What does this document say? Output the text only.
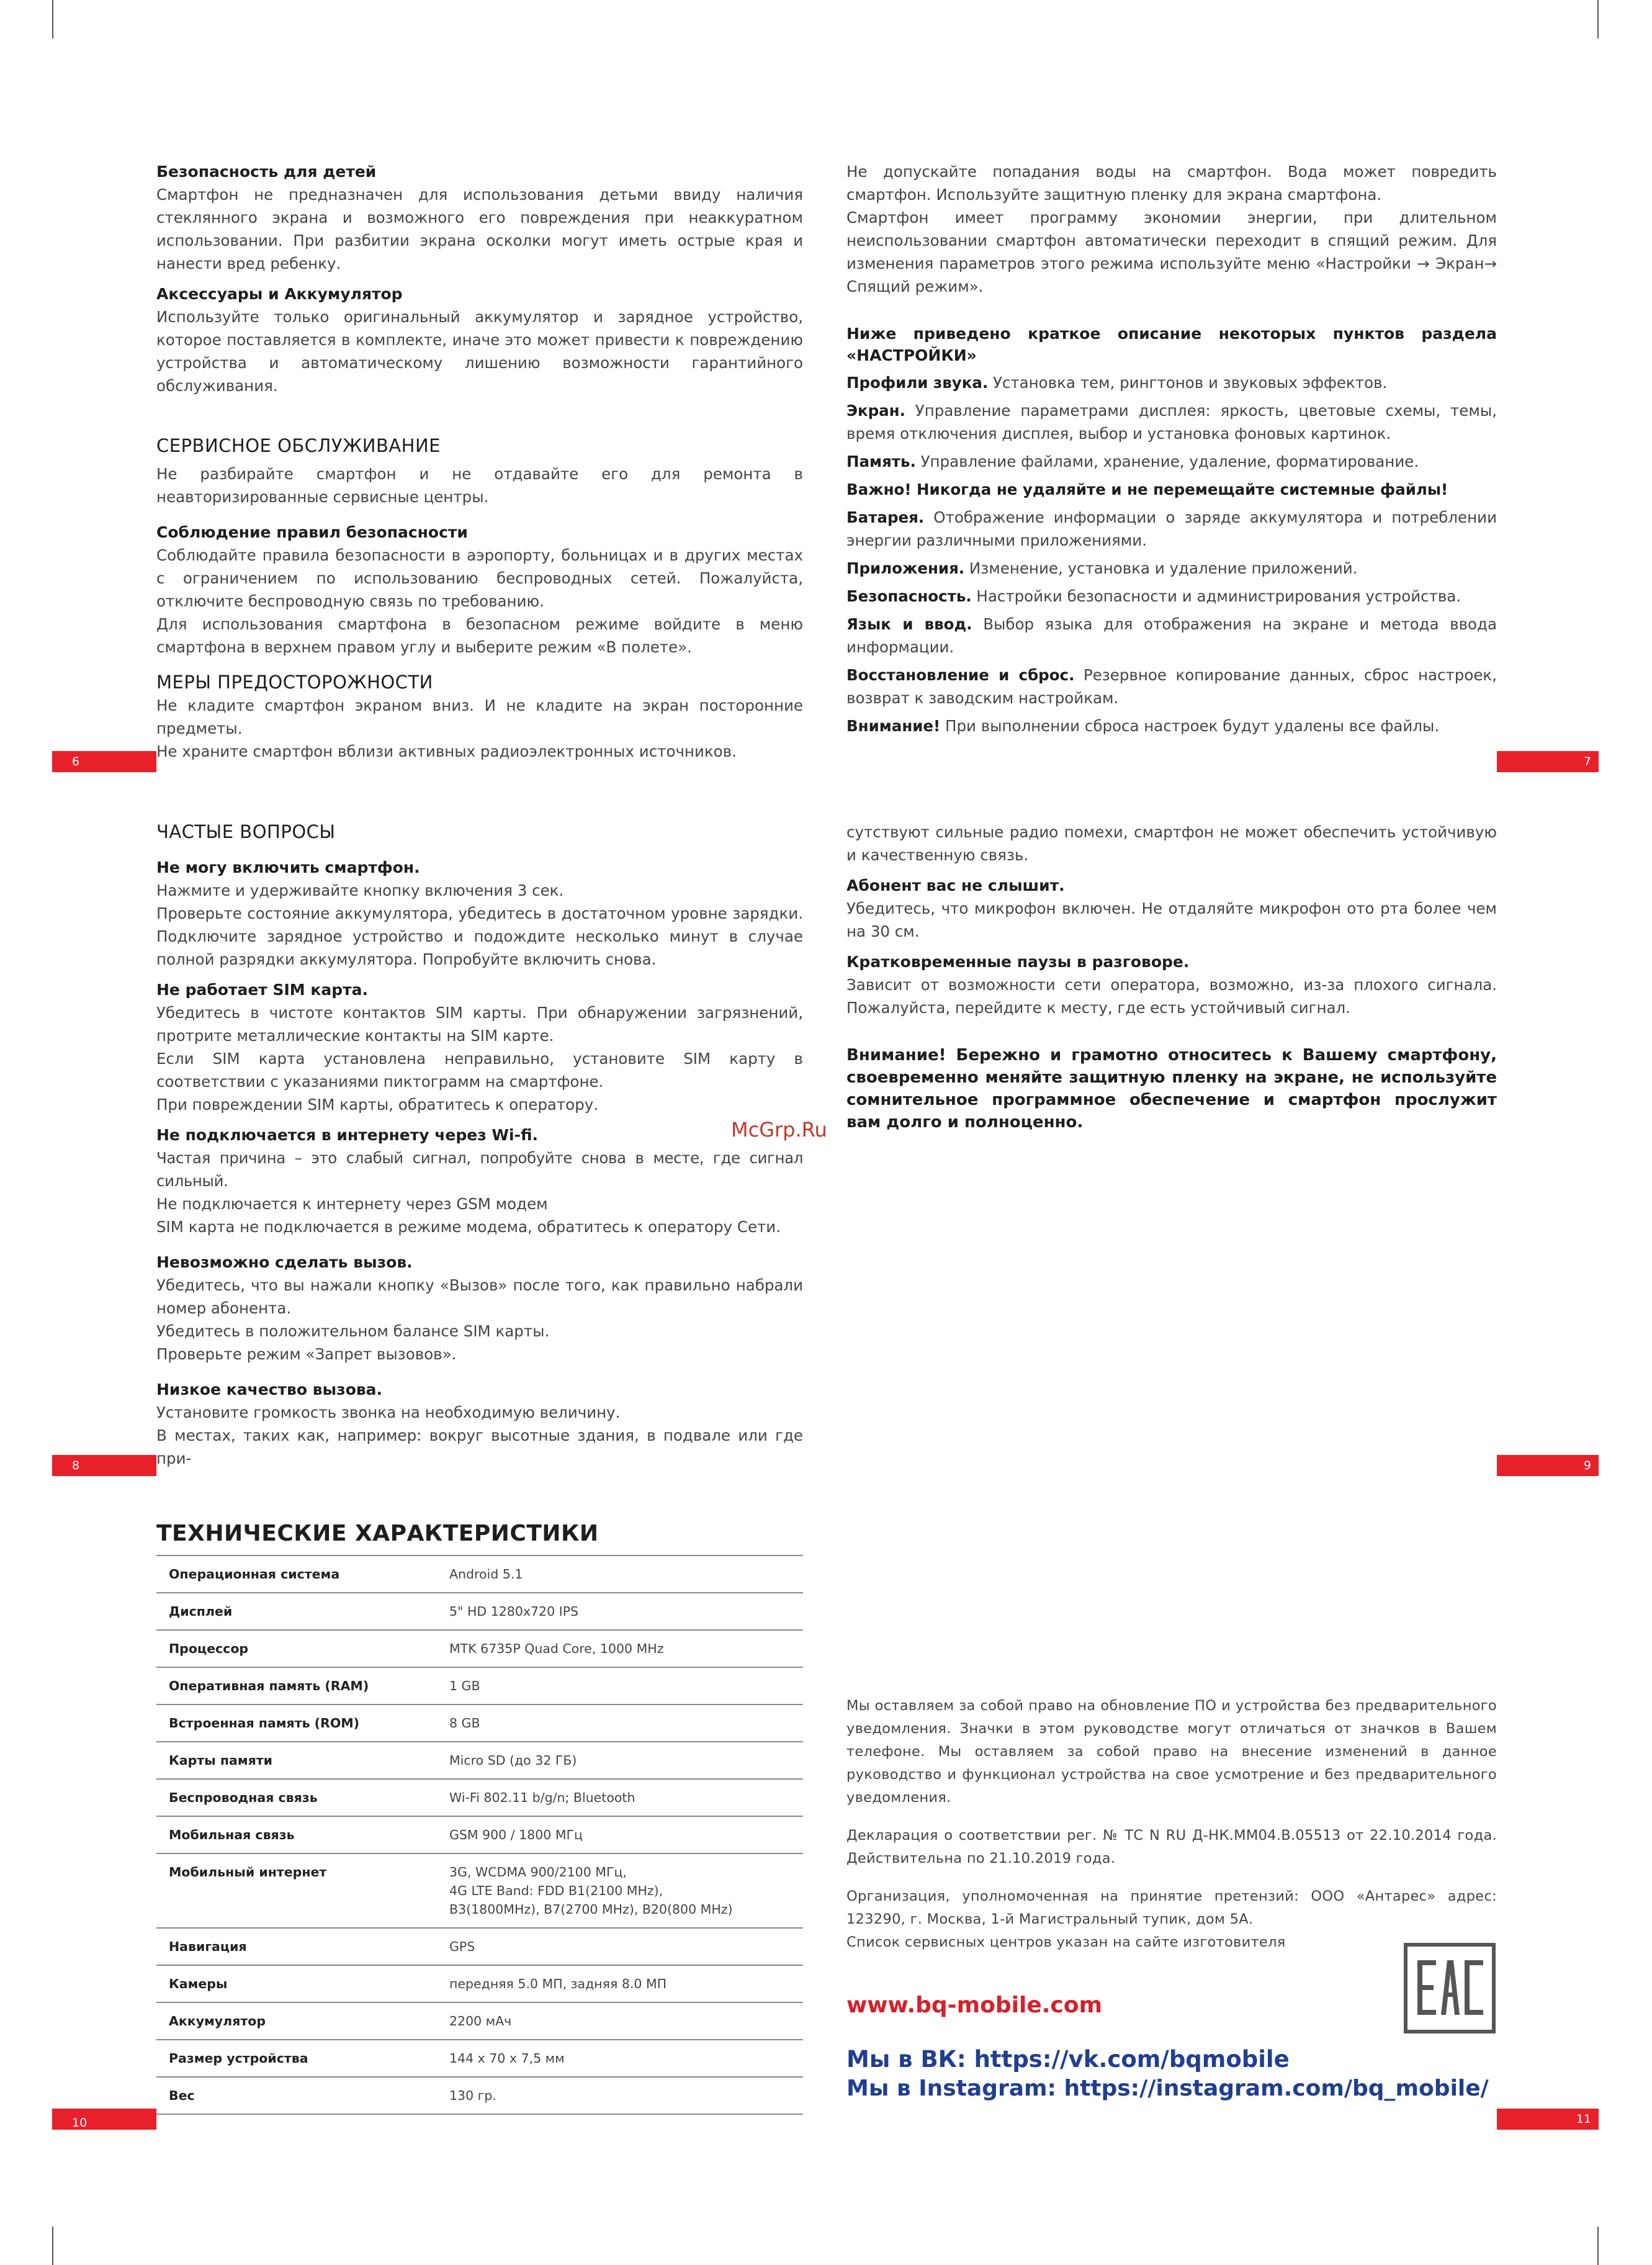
Безопасность для детей

Смартфон не предназначен для использования детьми ввиду наличия стеклянного экрана и возможного его повреждения при неаккуратном использовании. При разбитии экрана осколки могут иметь острые края и нанести вред ребенку.

Аксессуары и Аккумулятор

Используйте только оригинальный аккумулятор и зарядное устройство, которое поставляется в комплекте, иначе это может привести к повреждению устройства и автоматическому лишению возможности гарантийного обслуживания.

СЕРВИСНОЕ ОБСЛУЖИВАНИЕ

Не разбирайте смартфон и не отдавайте его для ремонта в неавторизированные сервисные центры.

Соблюдение правил безопасности

Соблюдайте правила безопасности в аэропорту, больницах и в других местах с ограничением по использованию беспроводных сетей. Пожалуйста, отключите беспроводную связь по требованию.

Для использования смартфона в безопасном режиме войдите в меню смартфона в верхнем правом углу и выберите режим «В полете».

МЕРЫ ПРЕДОСТОРОЖНОСТИ

Не кладите смартфон экраном вниз. И не кладите на экран посторонние предметы.

Не храните смартфон вблизи активных радиоэлектронных источников.

6

Не допускайте попадания воды на смартфон. Вода может повредить смартфон. Используйте защитную пленку для экрана смартфона.

Смартфон имеет программу экономии энергии, при длительном неиспользовании смартфон автоматически переходит в спящий режим. Для изменения параметров этого режима используйте меню «Настройки → Экран→ Спящий режим».

Ниже приведено краткое описание некоторых пунктов раздела «НАСТРОЙКИ»

Профили звука. Установка тем, рингтонов и звуковых эффектов.

Экран. Управление параметрами дисплея: яркость, цветовые схемы, темы, время отключения дисплея, выбор и установка фоновых картинок.

Память. Управление файлами, хранение, удаление, форматирование.

Важно! Никогда не удаляйте и не перемещайте системные файлы!

Батарея. Отображение информации о заряде аккумулятора и потреблении энергии различными приложениями.

Приложения. Изменение, установка и удаление приложений.

Безопасность. Настройки безопасности и администрирования устройства.

Язык и ввод. Выбор языка для отображения на экране и метода ввода информации.

Восстановление и сброс. Резервное копирование данных, сброс настроек, возврат к заводским настройкам.

Внимание! При выполнении сброса настроек будут удалены все файлы.

7

ЧАСТЫЕ ВОПРОСЫ

Не могу включить смартфон.

Нажмите и удерживайте кнопку включения 3 сек.

Проверьте состояние аккумулятора, убедитесь в достаточном уровне зарядки. Подключите зарядное устройство и подождите несколько минут в случае полной разрядки аккумулятора. Попробуйте включить снова.

Не работает SIM карта.

Убедитесь в чистоте контактов SIM карты. При обнаружении загрязнений, протрите металлические контакты на SIM карте.

Если SIM карта установлена неправильно, установите SIM карту в соответствии с указаниями пиктограмм на смартфоне.

При повреждении SIM карты, обратитесь к оператору.

Не подключается в интернету через Wi-fi.

Частая причина – это слабый сигнал, попробуйте снова в месте, где сигнал сильный.

Не подключается к интернету через GSM модем

SIM карта не подключается в режиме модема, обратитесь к оператору Сети.

Невозможно сделать вызов.

Убедитесь, что вы нажали кнопку «Вызов» после того, как правильно набрали номер абонента.

Убедитесь в положительном балансе SIM карты.

Проверьте режим «Запрет вызовов».

Низкое качество вызова.

Установите громкость звонка на необходимую величину.

В местах, таких как, например: вокруг высотные здания, в подвале или где при-

8

сутствуют сильные радио помехи, смартфон не может обеспечить устойчивую и качественную связь.

Абонент вас не слышит.

Убедитесь, что микрофон включен. Не отдаляйте микрофон ото рта более чем на 30 см.

Кратковременные паузы в разговоре.

Зависит от возможности сети оператора, возможно, из-за плохого сигнала. Пожалуйста, перейдите к месту, где есть устойчивый сигнал.

Внимание! Бережно и грамотно относитесь к Вашему смартфону, своевременно меняйте защитную пленку на экране, не используйте сомнительное программное обеспечение и смартфон прослужит вам долго и полноценно.

McGrp.Ru
9
ТЕХНИЧЕСКИЕ ХАРАКТЕРИСТИКИ
Операционная система	Android 5.1
Дисплей	5" HD 1280x720 IPS
Процессор	MTK 6735P Quad Core, 1000 MHz
Оперативная память (RAM)	1 GB
Встроенная память (ROM)	8 GB
Карты памяти	Micro SD (до 32 ГБ)
Беспроводная связь	Wi-Fi 802.11 b/g/n; Bluetooth
Мобильная связь	GSM 900 / 1800 МГц
Мобильный интернет	3G, WCDMA 900/2100 МГц,
4G LTE Band: FDD B1(2100 MHz),
B3(1800MHz), B7(2700 MHz), B20(800 MHz)
Навигация	GPS
Камеры	передняя 5.0 МП, задняя 8.0 МП
Аккумулятор	2200 мАч
Размер устройства	144 x 70 x 7,5 мм
Вес	130 гр.
10

Мы оставляем за собой право на обновление ПО и устройства без предварительного уведомления. Значки в этом руководстве могут отличаться от значков в Вашем телефоне. Мы оставляем за собой право на внесение изменений в данное руководство и функционал устройства на свое усмотрение и без предварительного уведомления.

Декларация о соответствии рег. № ТС N RU Д-НК.ММ04.В.05513 от 22.10.2014 года. Действительна по 21.10.2019 года.

Организация, уполномоченная на принятие претензий: ООО «Антарес» адрес: 123290, г. Москва, 1-й Магистральный тупик, дом 5А.

Список сервисных центров указан на сайте изготовителя

www.bq-mobile.com
Мы в ВК: https://vk.com/bqmobile
Мы в Instagram: https://instagram.com/bq_mobile/
11
